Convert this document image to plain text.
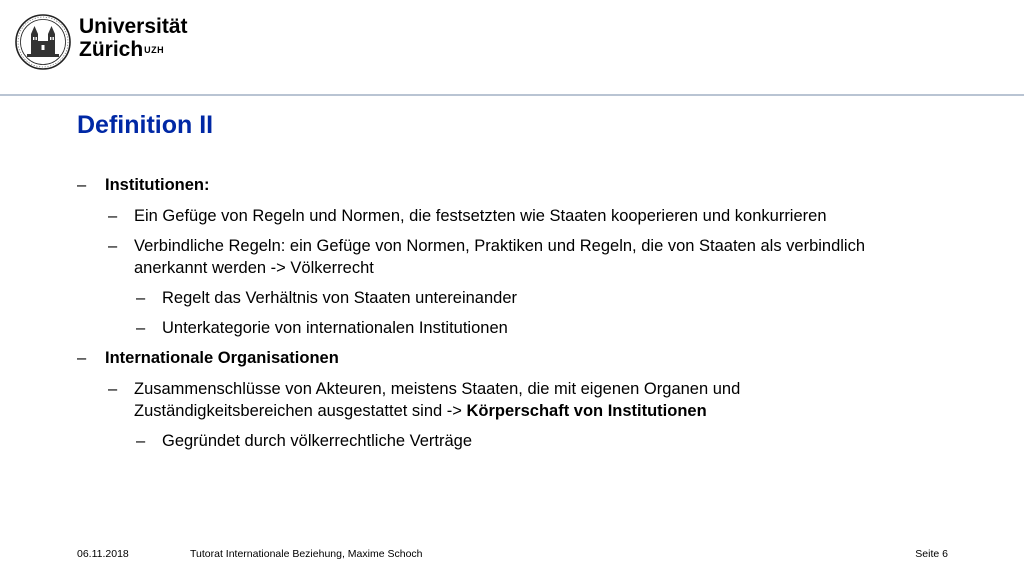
Universität
Zürich$^{UZH}$
Definition II
– Institutionen:
– Ein Gefüge von Regeln und Normen, die festsetzten wie Staaten kooperieren und konkurrieren
– Verbindliche Regeln: ein Gefüge von Normen, Praktiken und Regeln, die von Staaten als verbindlich
anerkannt werden -> Völkerrecht
– Regelt das Verhältnis von Staaten untereinander
– Unterkategorie von internationalen Institutionen
– Internationale Organisationen
– Zusammenschlüsse von Akteuren, meistens Staaten, die mit eigenen Organen und
Zuständigkeitsbereichen ausgestattet sind -> Körperschaft von Institutionen
– Gegründet durch völkerrechtliche Verträge
06.11.2018	Tutorat Internationale Beziehung, Maxime Schoch	Seite 6
